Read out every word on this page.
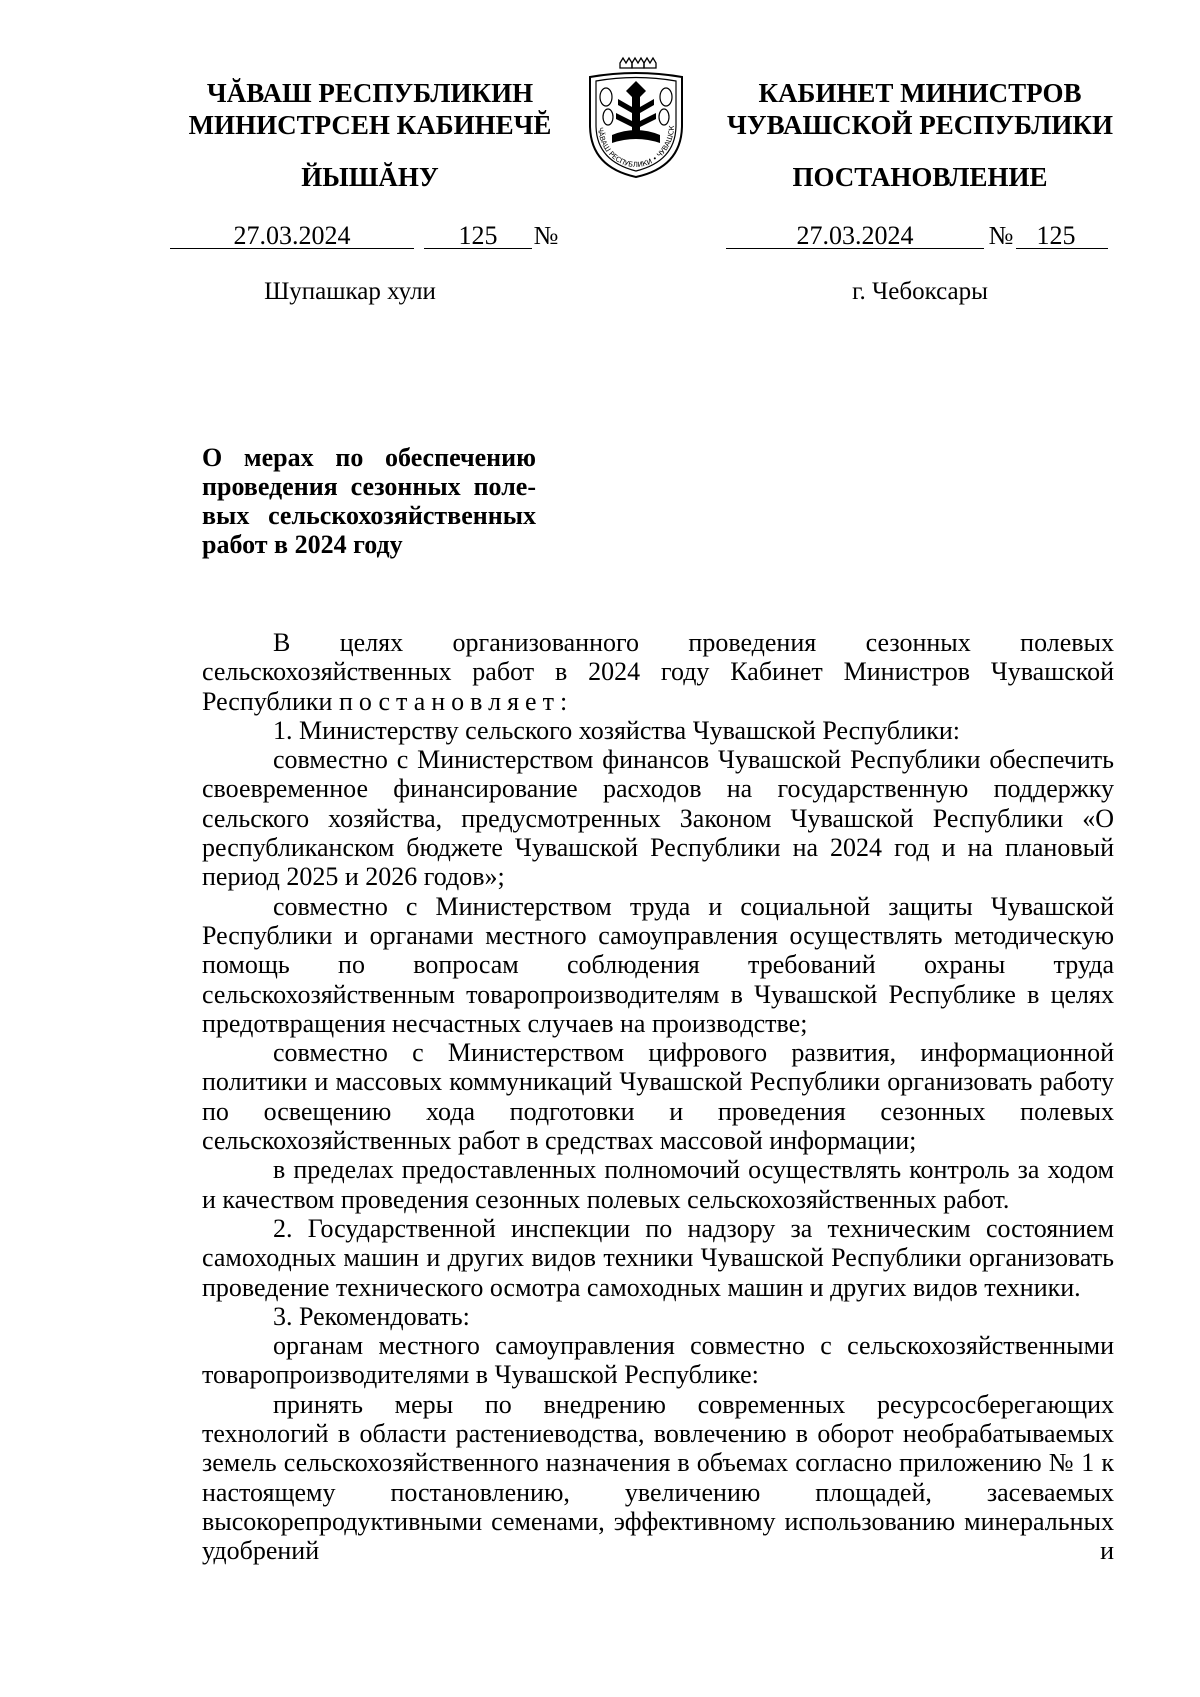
ЧĂВАШ РЕСПУБЛИКИН
МИНИСТРСЕН КАБИНЕЧĔ
ЙЫШĂНУ
КАБИНЕТ МИНИСТРОВ
ЧУВАШСКОЙ РЕСПУБЛИКИ
ПОСТАНОВЛЕНИЕ
ЧĂВАШ РЕСПУБЛИКИ • ЧУВАШСК
27.03.2024	125	№	27.03.2024	№ 125
Шупашкар хули	г. Чебоксары
О мерах по обеспечению
проведения сезонных поле-
вых сельскохозяйственных
работ в 2024 году

В целях организованного проведения сезонных полевых сельскохозяйственных работ в 2024 году Кабинет Министров Чувашской Республики постановляет:

1. Министерству сельского хозяйства Чувашской Республики:

совместно с Министерством финансов Чувашской Республики обеспечить своевременное финансирование расходов на государственную поддержку сельского хозяйства, предусмотренных Законом Чувашской Республики «О республиканском бюджете Чувашской Республики на 2024 год и на плановый период 2025 и 2026 годов»;

совместно с Министерством труда и социальной защиты Чувашской Республики и органами местного самоуправления осуществлять методическую помощь по вопросам соблюдения требований охраны труда сельскохозяйственным товаропроизводителям в Чувашской Республике в целях предотвращения несчастных случаев на производстве;

совместно с Министерством цифрового развития, информационной политики и массовых коммуникаций Чувашской Республики организовать работу по освещению хода подготовки и проведения сезонных полевых сельскохозяйственных работ в средствах массовой информации;

в пределах предоставленных полномочий осуществлять контроль за ходом и качеством проведения сезонных полевых сельскохозяйственных работ.

2. Государственной инспекции по надзору за техническим состоянием самоходных машин и других видов техники Чувашской Республики организовать проведение технического осмотра самоходных машин и других видов техники.

3. Рекомендовать:

органам местного самоуправления совместно с сельскохозяйственными товаропроизводителями в Чувашской Республике:

принять меры по внедрению современных ресурсосберегающих технологий в области растениеводства, вовлечению в оборот необрабатываемых земель сельскохозяйственного назначения в объемах согласно приложению № 1 к настоящему постановлению, увеличению площадей, засеваемых высокорепродуктивными семенами, эффективному использованию минеральных удобрений и
